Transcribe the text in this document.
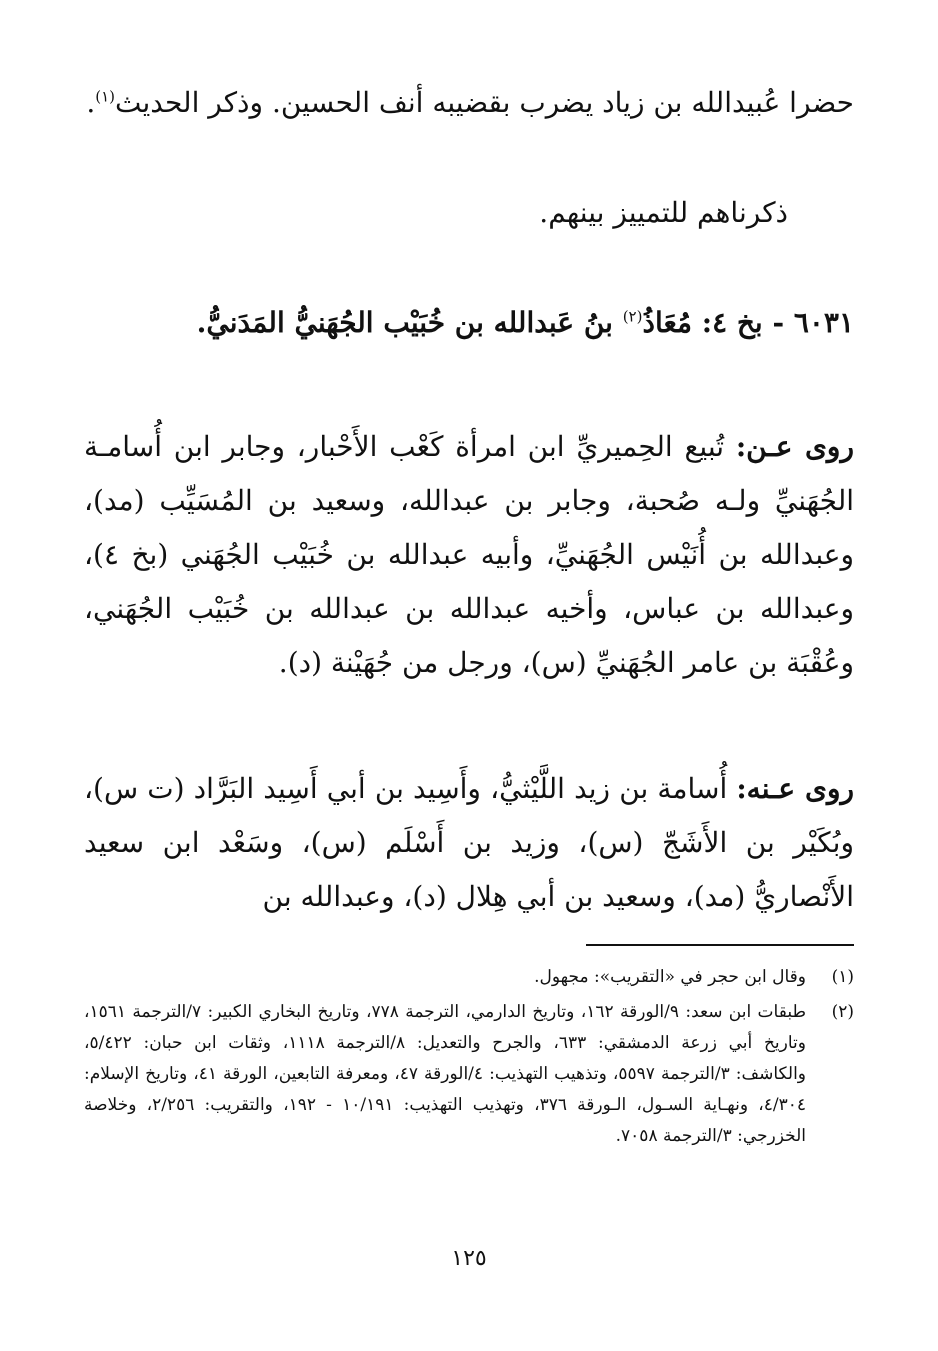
حضرا عُبيدالله بن زياد يضرب بقضيبه أنف الحسين. وذكر الحديث$^{(١)}$.
ذكرناهم للتمييز بينهم.
٦٠٣١ - بخ ٤: مُعَاذُ$^{(٢)}$ بنُ عَبدالله بن خُبَيْب الجُهَنيُّ المَدَنيُّ.
روى عـن: تُبيع الحِميريِّ ابن امرأة كَعْب الأَحْبار، وجابر ابن أُسامـة الجُهَنيِّ ولـه صُحبة، وجابر بن عبدالله، وسعيد بن المُسَيِّب (مد)، وعبدالله بن أُنَيْس الجُهَنيِّ، وأبيه عبدالله بن خُبَيْب الجُهَني (بخ ٤)، وعبدالله بن عباس، وأخيه عبدالله بن عبدالله بن خُبَيْب الجُهَني، وعُقْبَة بن عامر الجُهَنيِّ (س)، ورجل من جُهَيْنة (د).
روى عـنه: أُسامة بن زيد اللَّيْثيُّ، وأَسِيد بن أبي أَسِيد البَرَّاد (ت س)، وبُكَيْر بن الأَشَجّ (س)، وزيد بن أَسْلَم (س)، وسَعْد ابن سعيد الأَنْصاريُّ (مد)، وسعيد بن أبي هِلال (د)، وعبدالله بن
(١)
وقال ابن حجر في «التقريب»: مجهول.
(٢)
طبقات ابن سعد: ٩/الورقة ١٦٢، وتاريخ الدارمي، الترجمة ٧٧٨، وتاريخ البخاري الكبير: ٧/الترجمة ١٥٦١، وتاريخ أبي زرعة الدمشقي: ٦٣٣، والجرح والتعديل: ٨/الترجمة ١١١٨، وثقات ابن حبان: ٥/٤٢٢، والكاشف: ٣/الترجمة ٥٥٩٧، وتذهيب التهذيب: ٤/الورقة ٤٧، ومعرفة التابعين، الورقة ٤١، وتاريخ الإسلام: ٤/٣٠٤، ونهـاية السـول، الـورقة ٣٧٦، وتهذيب التهذيب: ١٠/١٩١ - ١٩٢، والتقريب: ٢/٢٥٦، وخلاصة الخزرجي: ٣/الترجمة ٧٠٥٨.
١٢٥
